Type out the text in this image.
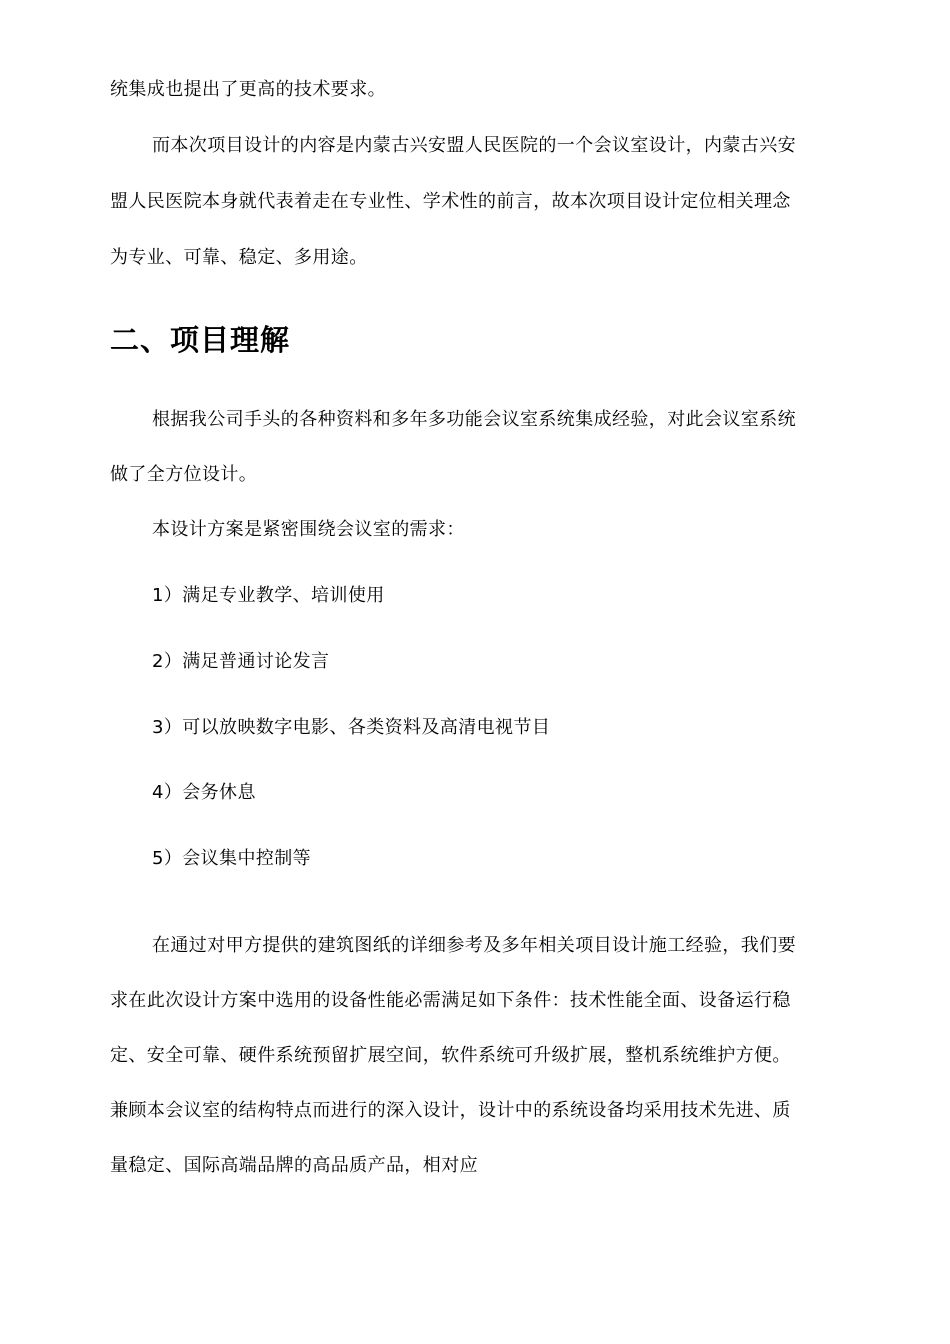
统集成也提出了更高的技术要求。
而本次项目设计的内容是内蒙古兴安盟人民医院的一个会议室设计，内蒙古兴安
盟人民医院本身就代表着走在专业性、学术性的前言，故本次项目设计定位相关理念
为专业、可靠、稳定、多用途。
二、项目理解
根据我公司手头的各种资料和多年多功能会议室系统集成经验，对此会议室系统
做了全方位设计。
本设计方案是紧密围绕会议室的需求：
1）满足专业教学、培训使用
2）满足普通讨论发言
3）可以放映数字电影、各类资料及高清电视节目
4）会务休息
5）会议集中控制等
在通过对甲方提供的建筑图纸的详细参考及多年相关项目设计施工经验，我们要
求在此次设计方案中选用的设备性能必需满足如下条件：技术性能全面、设备运行稳
定、安全可靠、硬件系统预留扩展空间，软件系统可升级扩展，整机系统维护方便。
兼顾本会议室的结构特点而进行的深入设计，设计中的系统设备均采用技术先进、质
量稳定、国际高端品牌的高品质产品，相对应
